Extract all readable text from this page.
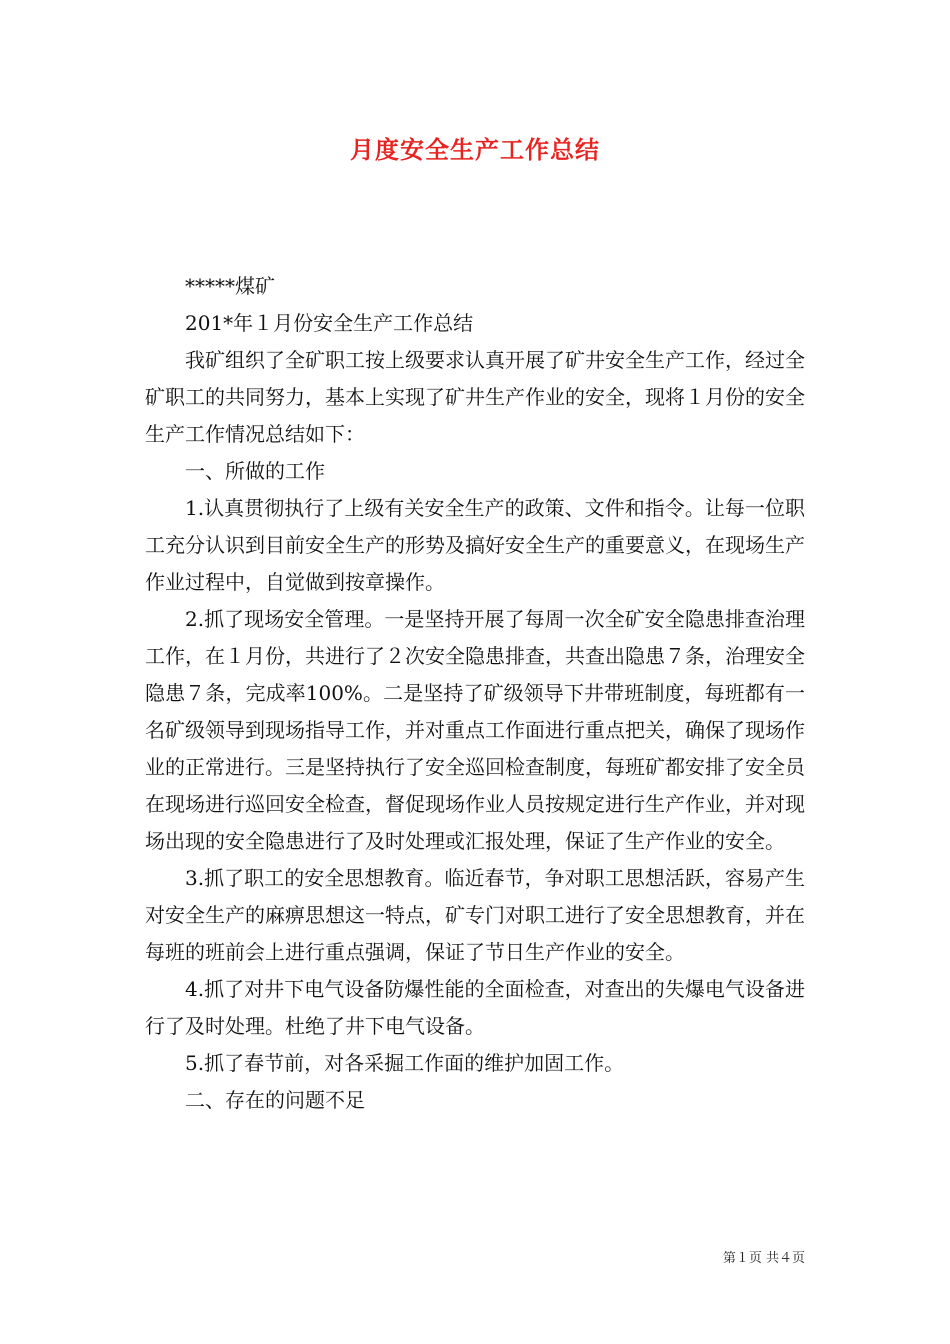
月度安全生产工作总结

*****煤矿

201*年１月份安全生产工作总结

我矿组织了全矿职工按上级要求认真开展了矿井安全生产工作，经过全矿职工的共同努力，基本上实现了矿井生产作业的安全，现将１月份的安全生产工作情况总结如下：

一、所做的工作

1.认真贯彻执行了上级有关安全生产的政策、文件和指令。让每一位职工充分认识到目前安全生产的形势及搞好安全生产的重要意义，在现场生产作业过程中，自觉做到按章操作。

2.抓了现场安全管理。一是坚持开展了每周一次全矿安全隐患排查治理工作，在１月份，共进行了２次安全隐患排查，共查出隐患７条，治理安全隐患７条，完成率100%。二是坚持了矿级领导下井带班制度，每班都有一名矿级领导到现场指导工作，并对重点工作面进行重点把关，确保了现场作业的正常进行。三是坚持执行了安全巡回检查制度，每班矿都安排了安全员在现场进行巡回安全检查，督促现场作业人员按规定进行生产作业，并对现场出现的安全隐患进行了及时处理或汇报处理，保证了生产作业的安全。

3.抓了职工的安全思想教育。临近春节，争对职工思想活跃，容易产生对安全生产的麻痹思想这一特点，矿专门对职工进行了安全思想教育，并在每班的班前会上进行重点强调，保证了节日生产作业的安全。

4.抓了对井下电气设备防爆性能的全面检查，对查出的失爆电气设备进行了及时处理。杜绝了井下电气设备。

5.抓了春节前，对各采掘工作面的维护加固工作。

二、存在的问题不足

第１页 共４页
